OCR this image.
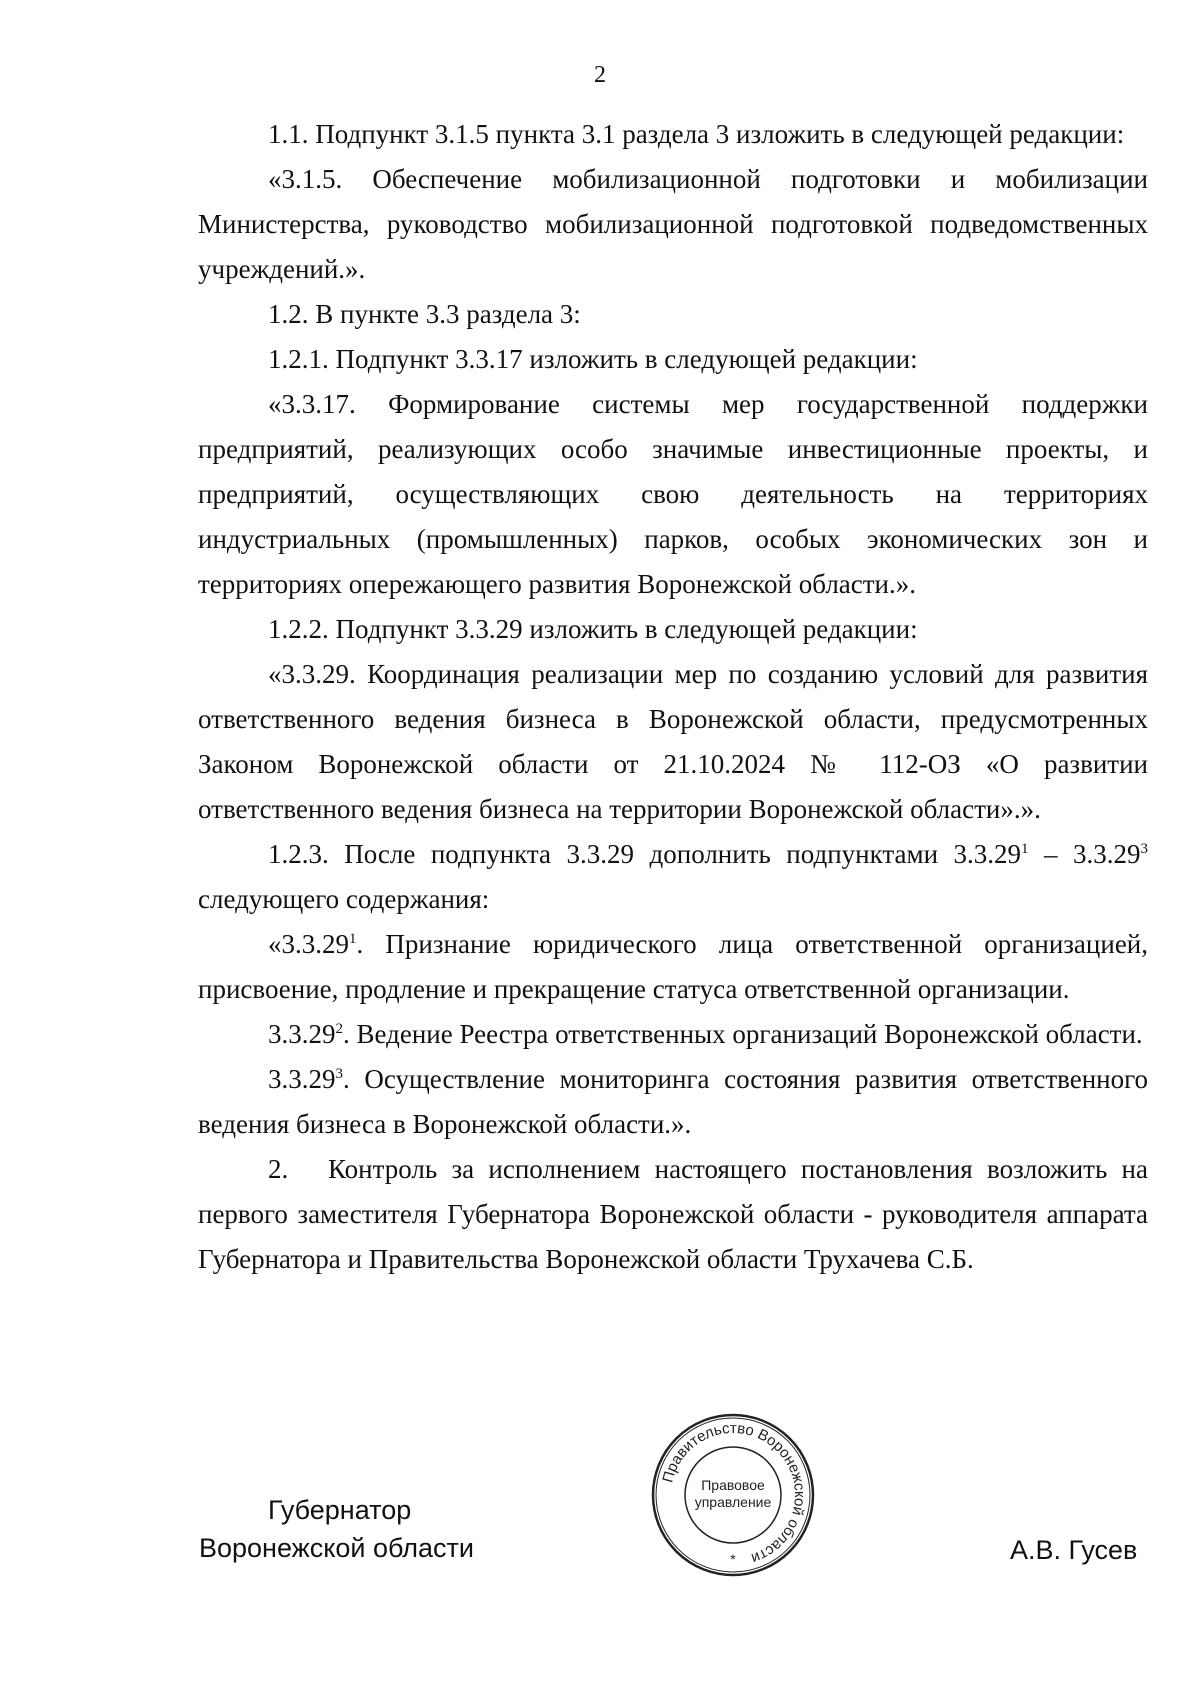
2

1.1. Подпункт 3.1.5 пункта 3.1 раздела 3 изложить в следующей редакции:

«3.1.5. Обеспечение мобилизационной подготовки и мобилизации Министерства, руководство мобилизационной подготовкой подведомственных учреждений.».

1.2. В пункте 3.3 раздела 3:

1.2.1. Подпункт 3.3.17 изложить в следующей редакции:

«3.3.17. Формирование системы мер государственной поддержки предприятий, реализующих особо значимые инвестиционные проекты, и предприятий, осуществляющих свою деятельность на территориях индустриальных (промышленных) парков, особых экономических зон и территориях опережающего развития Воронежской области.».

1.2.2. Подпункт 3.3.29 изложить в следующей редакции:

«3.3.29. Координация реализации мер по созданию условий для развития ответственного ведения бизнеса в Воронежской области, предусмотренных Законом Воронежской области от 21.10.2024 № 112-ОЗ «О развитии ответственного ведения бизнеса на территории Воронежской области».».

1.2.3. После подпункта 3.3.29 дополнить подпунктами 3.3.29$^1$ – 3.3.29$^3$ следующего содержания:

«3.3.29$^1$. Признание юридического лица ответственной организацией, присвоение, продление и прекращение статуса ответственной организации.

3.3.29$^2$. Ведение Реестра ответственных организаций Воронежской области.

3.3.29$^3$. Осуществление мониторинга состояния развития ответственного ведения бизнеса в Воронежской области.».

2. Контроль за исполнением настоящего постановления возложить на первого заместителя Губернатора Воронежской области - руководителя аппарата Губернатора и Правительства Воронежской области Трухачева С.Б.

Губернатор
Воронежской области	А.В. Гусев
Правительство Воронежской области
Правовое
управление
*
